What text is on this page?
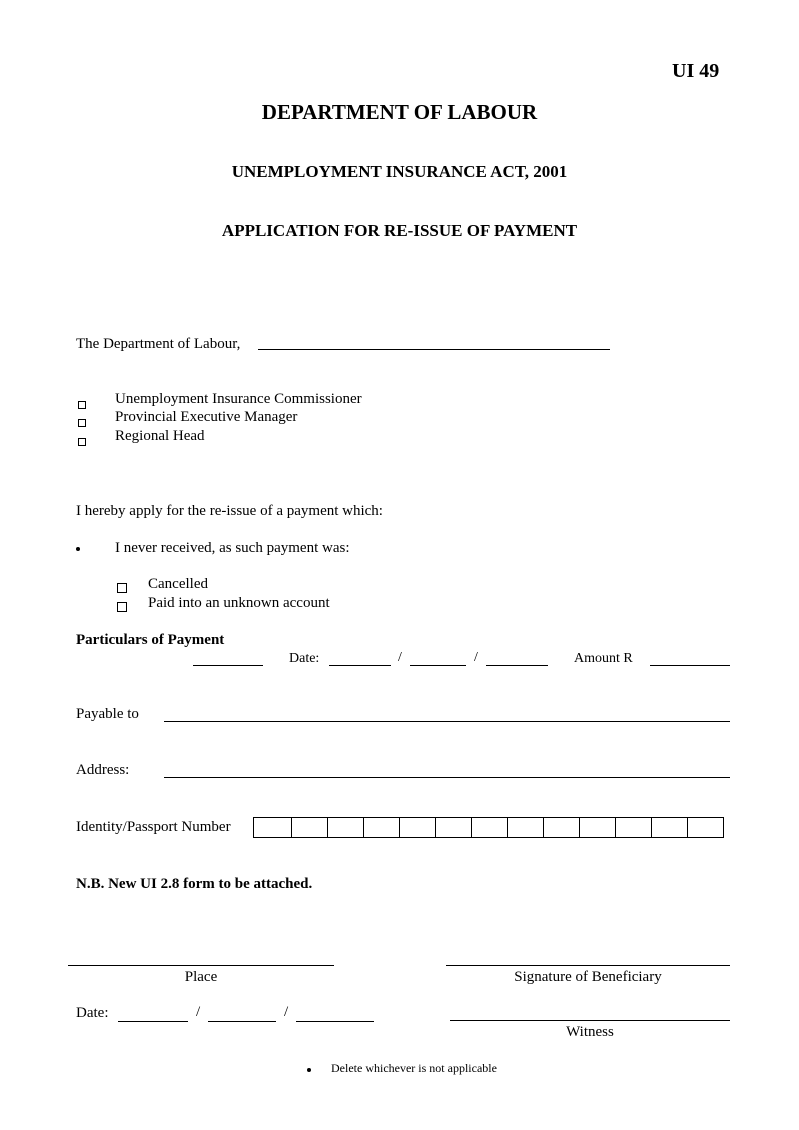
UI 49
DEPARTMENT OF LABOUR
UNEMPLOYMENT INSURANCE ACT, 2001
APPLICATION FOR RE-ISSUE OF PAYMENT
The Department of Labour,
Unemployment Insurance Commissioner
Provincial Executive Manager
Regional Head
I hereby apply for the re-issue of a payment which:
I never received, as such payment was:
Cancelled
Paid into an unknown account
Particulars of Payment
Date:	/	/	Amount R
Payable to
Address:
Identity/Passport Number
N.B. New UI 2.8 form to be attached.
Place	Signature of Beneficiary
Date:	/	/
Witness
Delete whichever is not applicable
